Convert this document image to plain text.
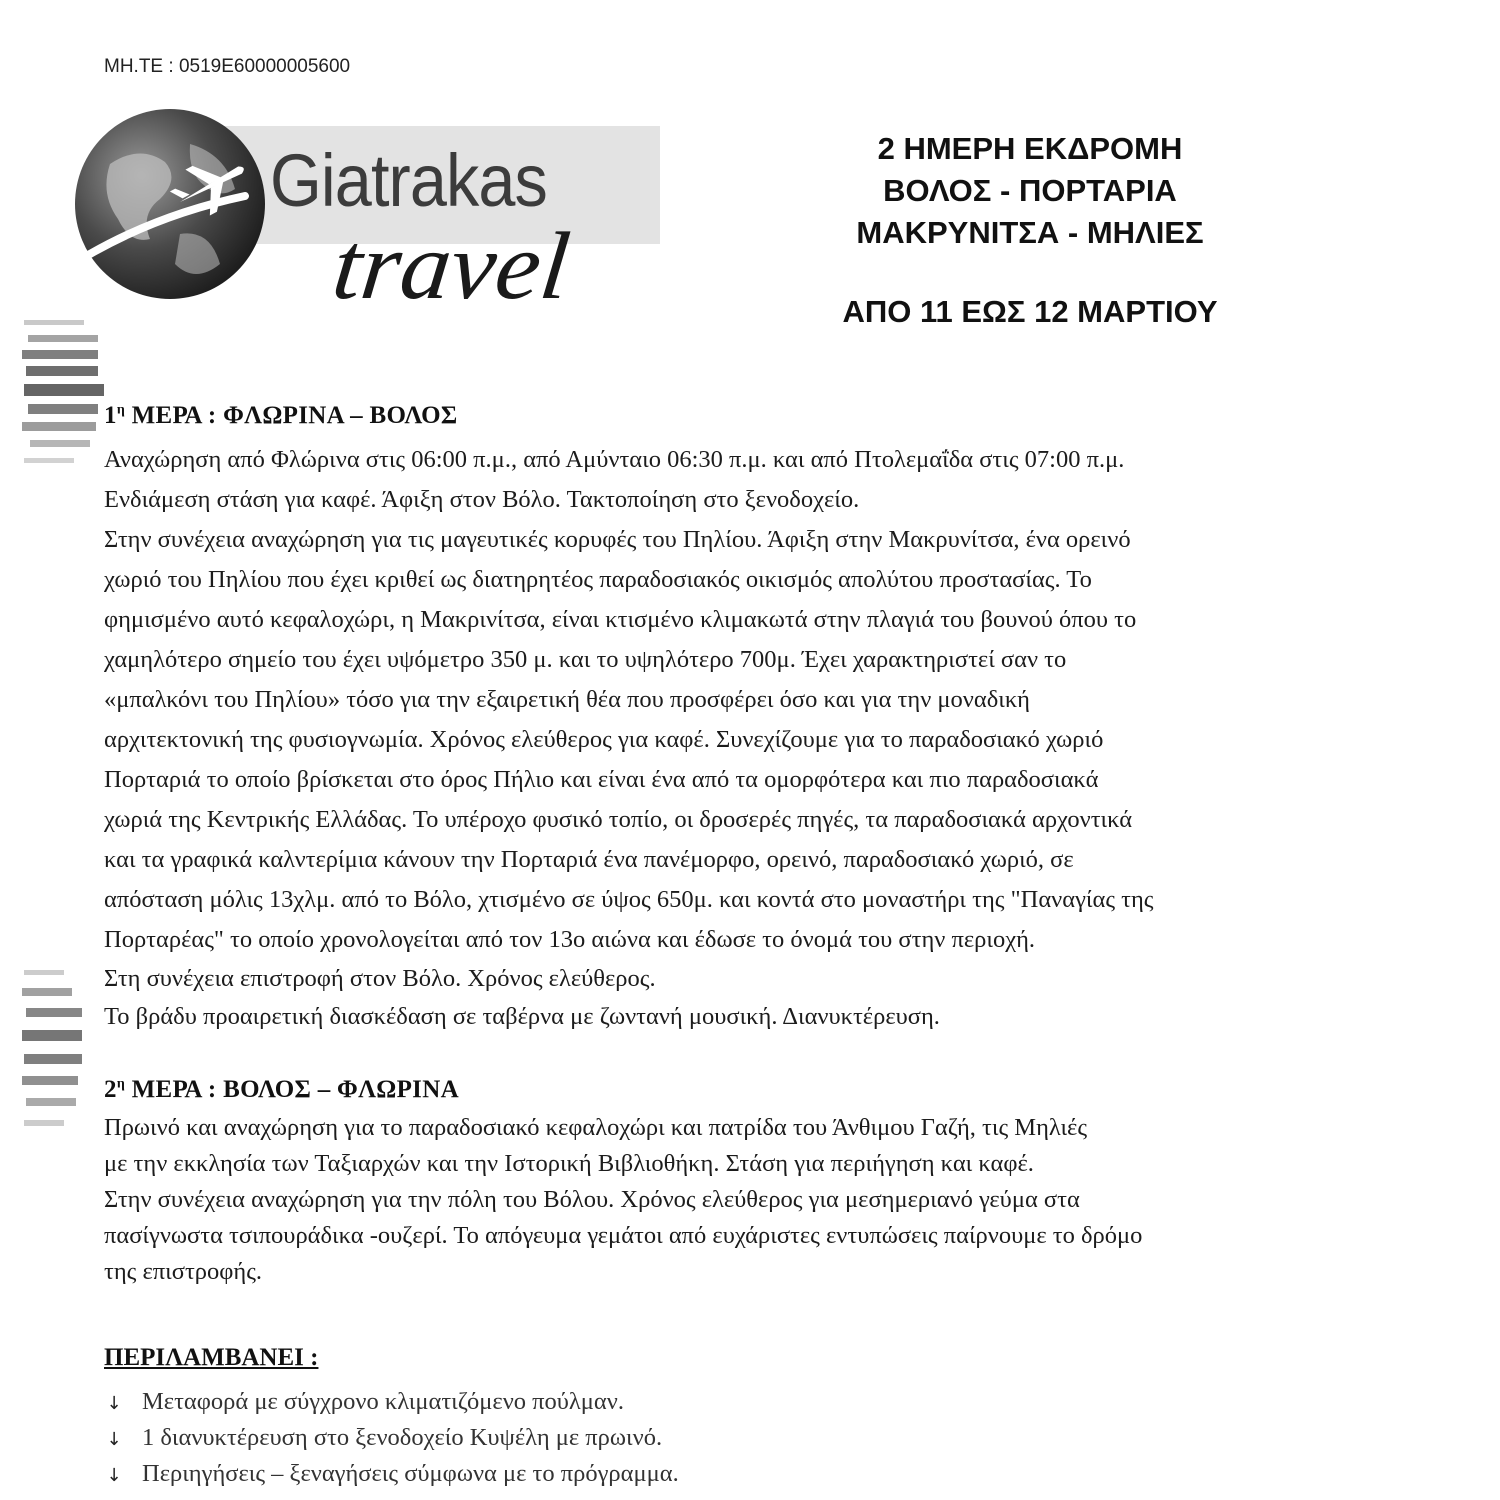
ΜΗ.ΤΕ : 0519Ε60000005600
Giatrakas
travel
2 ΗΜΕΡΗ ΕΚΔΡΟΜΗ
ΒΟΛΟΣ - ΠΟΡΤΑΡΙΑ
ΜΑΚΡΥΝΙΤΣΑ - ΜΗΛΙΕΣ
ΑΠΟ 11 ΕΩΣ 12 ΜΑΡΤΙΟΥ
$1^\eta$ ΜΕΡΑ : ΦΛΩΡΙΝΑ – ΒΟΛΟΣ

Αναχώρηση από Φλώρινα στις 06:00 π.μ., από Αμύνταιο 06:30 π.μ. και από Πτολεμαΐδα στις 07:00 π.μ.

Ενδιάμεση στάση για καφέ. Άφιξη στον Βόλο. Τακτοποίηση στο ξενοδοχείο.

Στην συνέχεια αναχώρηση για τις μαγευτικές κορυφές του Πηλίου. Άφιξη στην Μακρυνίτσα, ένα ορεινό

χωριό του Πηλίου που έχει κριθεί ως διατηρητέος παραδοσιακός οικισμός απολύτου προστασίας. Το

φημισμένο αυτό κεφαλοχώρι, η Μακρινίτσα, είναι κτισμένο κλιμακωτά στην πλαγιά του βουνού όπου το

χαμηλότερο σημείο του έχει υψόμετρο 350 μ. και το υψηλότερο 700μ. Έχει χαρακτηριστεί σαν το

«μπαλκόνι του Πηλίου» τόσο για την εξαιρετική θέα που προσφέρει όσο και για την μοναδική

αρχιτεκτονική της φυσιογνωμία. Χρόνος ελεύθερος για καφέ. Συνεχίζουμε για το παραδοσιακό χωριό

Πορταριά το οποίο βρίσκεται στο όρος Πήλιο και είναι ένα από τα ομορφότερα και πιο παραδοσιακά

χωριά της Κεντρικής Ελλάδας. Το υπέροχο φυσικό τοπίο, οι δροσερές πηγές, τα παραδοσιακά αρχοντικά

και τα γραφικά καλντερίμια κάνουν την Πορταριά ένα πανέμορφο, ορεινό, παραδοσιακό χωριό, σε

απόσταση μόλις 13χλμ. από το Βόλο, χτισμένο σε ύψος 650μ. και κοντά στο μοναστήρι της "Παναγίας της

Πορταρέας" το οποίο χρονολογείται από τον 13ο αιώνα και έδωσε το όνομά του στην περιοχή.

Στη συνέχεια επιστροφή στον Βόλο. Χρόνος ελεύθερος.

Το βράδυ προαιρετική διασκέδαση σε ταβέρνα με ζωντανή μουσική. Διανυκτέρευση.

$2^\eta$ ΜΕΡΑ : ΒΟΛΟΣ – ΦΛΩΡΙΝΑ

Πρωινό και αναχώρηση για το παραδοσιακό κεφαλοχώρι και πατρίδα του Άνθιμου Γαζή, τις Μηλιές

με την εκκλησία των Ταξιαρχών και την Ιστορική Βιβλιοθήκη. Στάση για περιήγηση και καφέ.

Στην συνέχεια αναχώρηση για την πόλη του Βόλου. Χρόνος ελεύθερος για μεσημεριανό γεύμα στα

πασίγνωστα τσιπουράδικα -ουζερί. Το απόγευμα γεμάτοι από ευχάριστες εντυπώσεις παίρνουμε το δρόμο

της επιστροφής.

ΠΕΡΙΛΑΜΒΑΝΕΙ :
↓ Μεταφορά με σύγχρονο κλιματιζόμενο πούλμαν.
↓ 1 διανυκτέρευση στο ξενοδοχείο Κυψέλη με πρωινό.
↓ Περιηγήσεις – ξεναγήσεις σύμφωνα με το πρόγραμμα.
